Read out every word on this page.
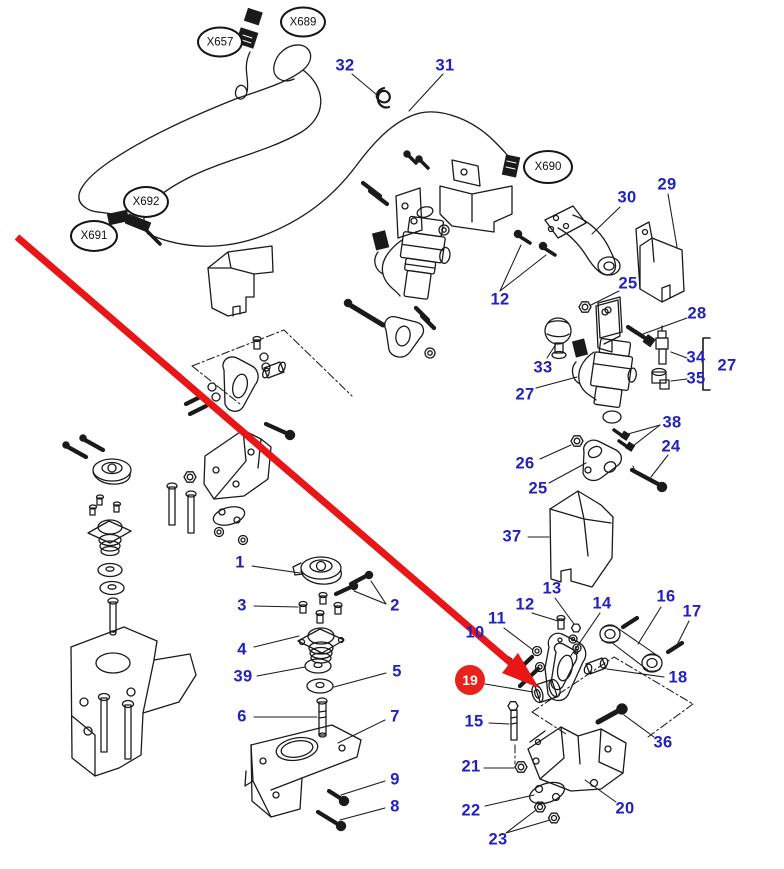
32	31
30
29
25
12
28
33
34
35
27
27
38
24
26
25
37
13
12	14	16
17
11
10
18
15
36
21
22	20
23
1
2
3
4
39	5
6	7
9
8
X657
X689
X692
X691
X690
19
